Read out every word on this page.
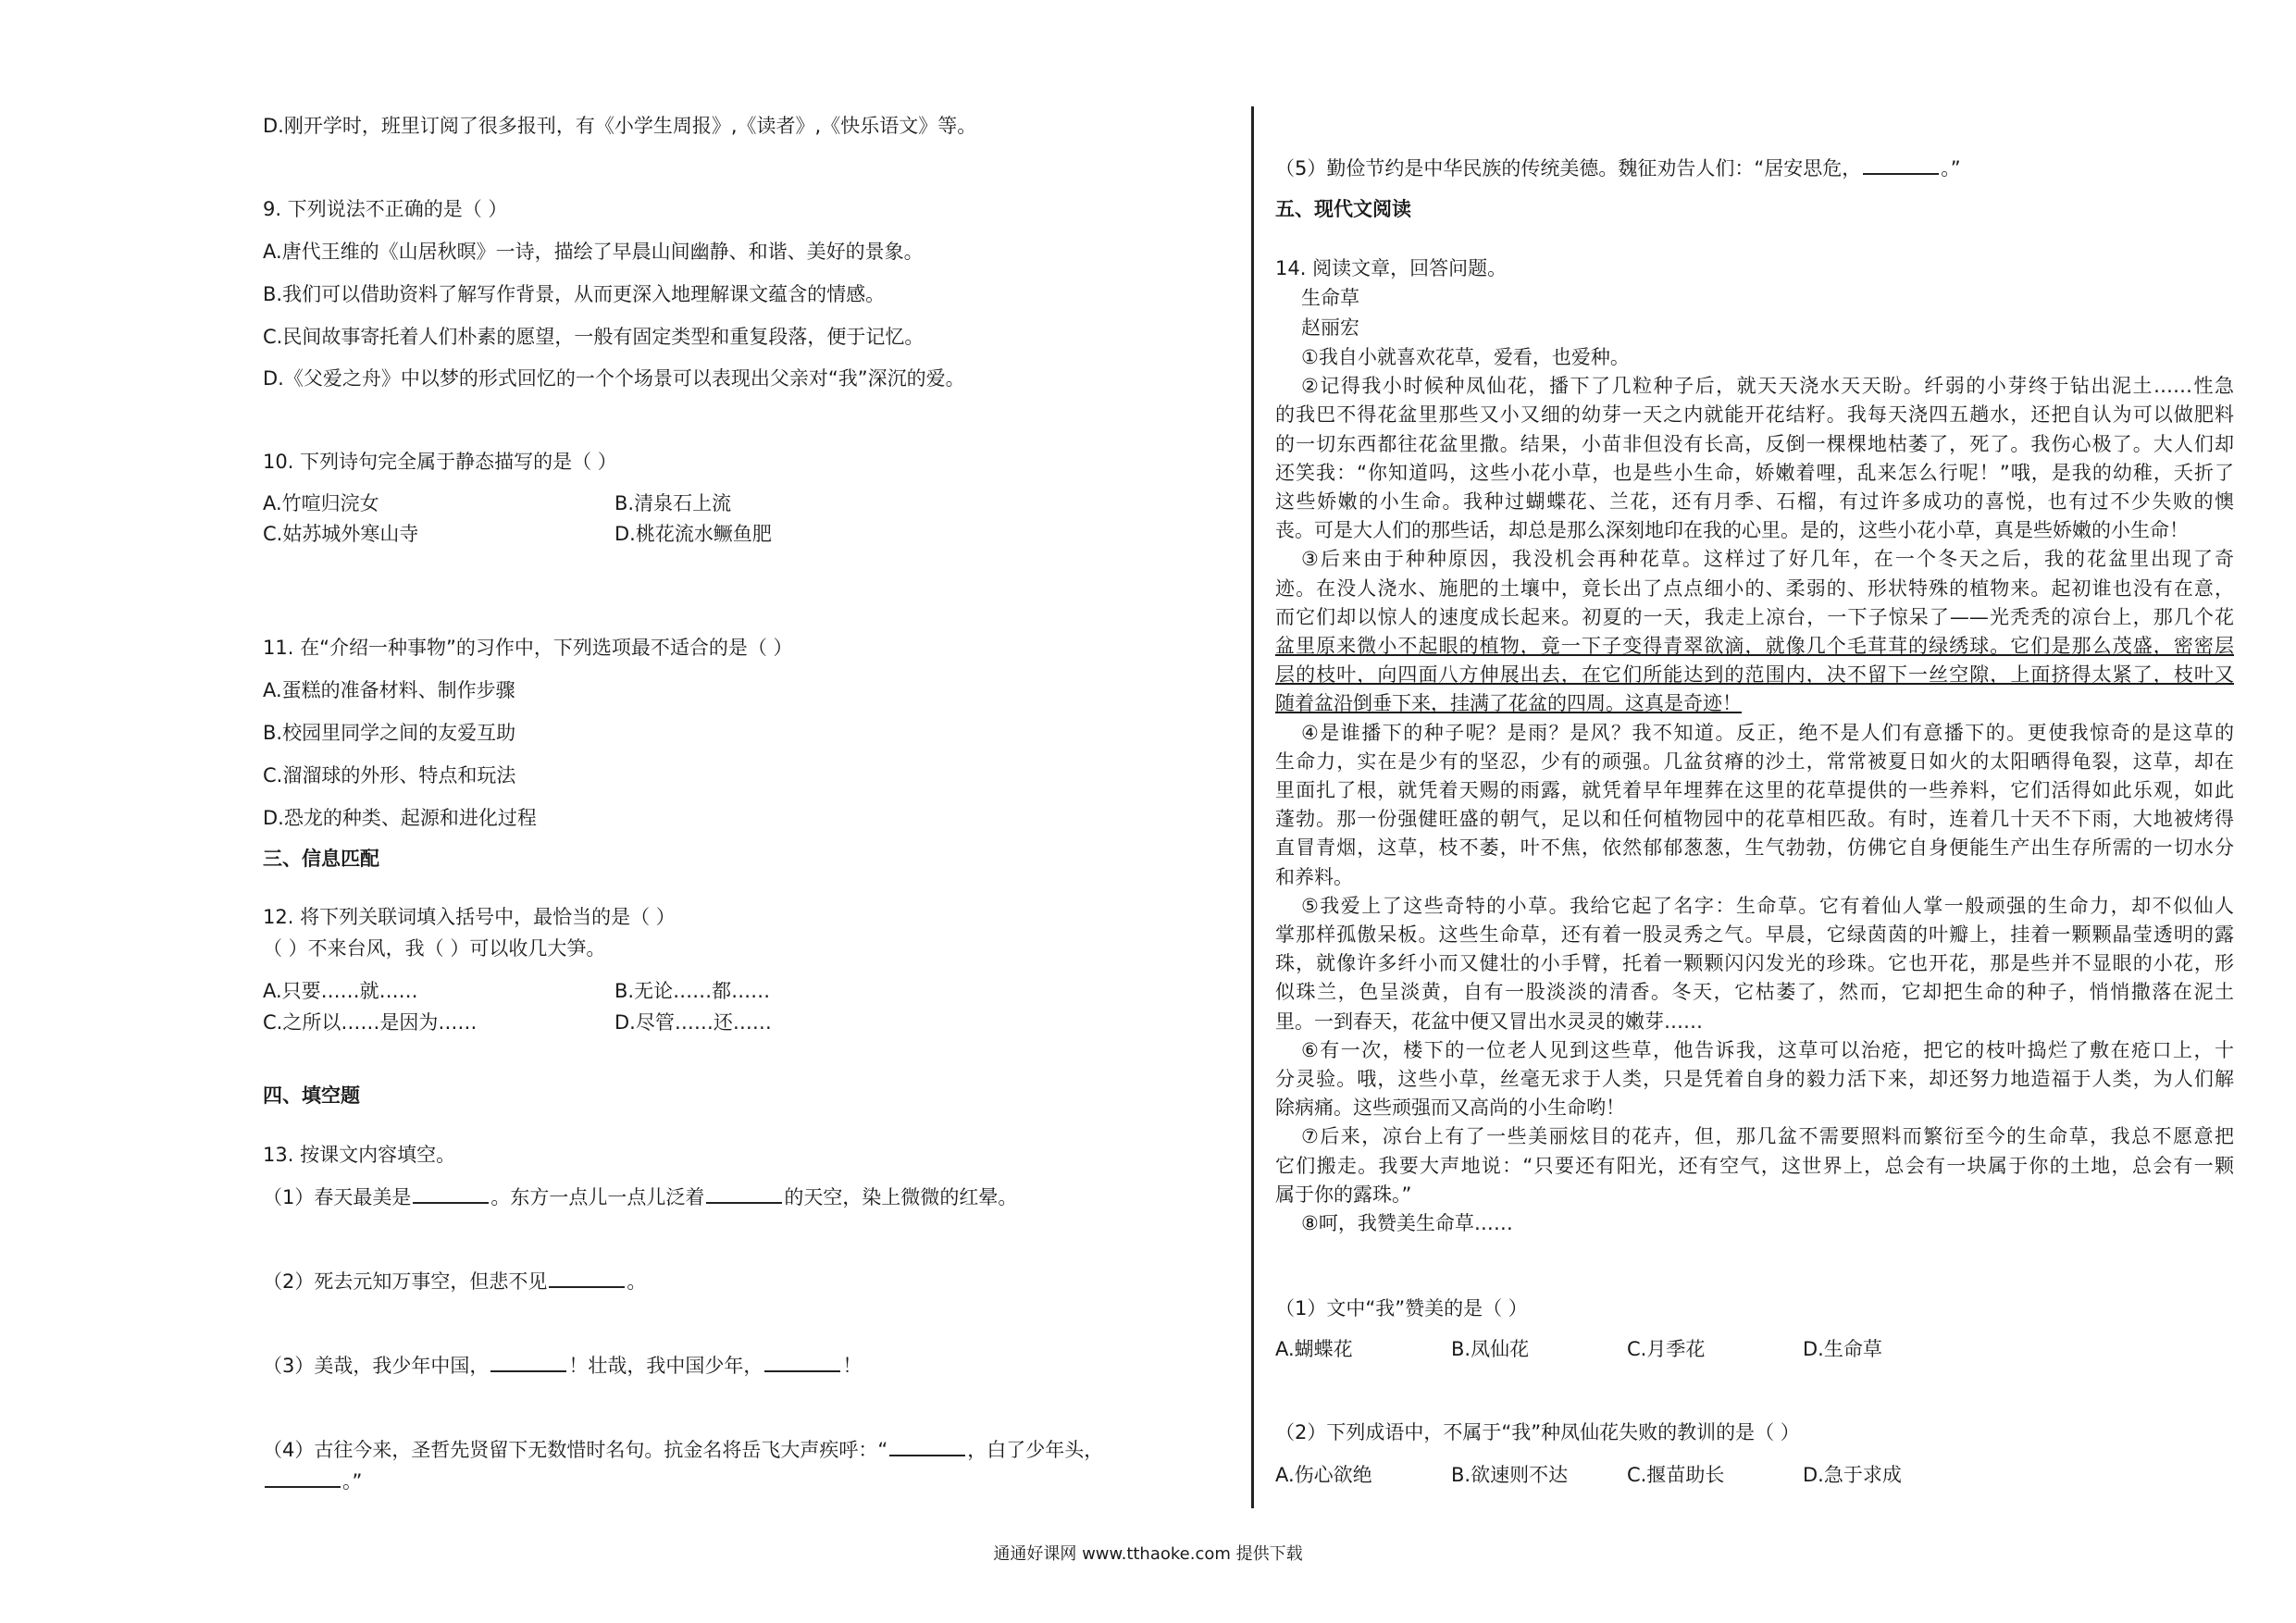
D.刚开学时，班里订阅了很多报刊，有《小学生周报》,《读者》,《快乐语文》等。
9. 下列说法不正确的是（ ）
A.唐代王维的《山居秋暝》一诗，描绘了早晨山间幽静、和谐、美好的景象。
B.我们可以借助资料了解写作背景，从而更深入地理解课文蕴含的情感。
C.民间故事寄托着人们朴素的愿望，一般有固定类型和重复段落，便于记忆。
D.《父爱之舟》中以梦的形式回忆的一个个场景可以表现出父亲对“我”深沉的爱。
10. 下列诗句完全属于静态描写的是（ ）
A.竹喧归浣女	B.清泉石上流
C.姑苏城外寒山寺	D.桃花流水鳜鱼肥
11. 在“介绍一种事物”的习作中，下列选项最不适合的是（ ）
A.蛋糕的准备材料、制作步骤
B.校园里同学之间的友爱互助
C.溜溜球的外形、特点和玩法
D.恐龙的种类、起源和进化过程
三、信息匹配
12. 将下列关联词填入括号中，最恰当的是（ ）
（ ）不来台风，我（ ）可以收几大笋。
A.只要……就……	B.无论……都……
C.之所以……是因为……	D.尽管……还……
四、填空题
13. 按课文内容填空。
（1）春天最美是	。东方一点儿一点儿泛着	的天空，染上微微的红晕。
（2）死去元知万事空，但悲不见	。
（3）美哉，我少年中国，	！壮哉，我中国少年，	！
（4）古往今来，圣哲先贤留下无数惜时名句。抗金名将岳飞大声疾呼：“	，白了少年头，
。”
（5）勤俭节约是中华民族的传统美德。魏征劝告人们：“居安思危，	。”
五、现代文阅读
14. 阅读文章，回答问题。
生命草
赵丽宏
①我自小就喜欢花草，爱看，也爱种。
②记得我小时候种凤仙花，播下了几粒种子后，就天天浇水天天盼。纤弱的小芽终于钻出泥土……性急
的我巴不得花盆里那些又小又细的幼芽一天之内就能开花结籽。我每天浇四五趟水，还把自认为可以做肥料
的一切东西都往花盆里撒。结果，小苗非但没有长高，反倒一棵棵地枯萎了，死了。我伤心极了。大人们却
还笑我：“你知道吗，这些小花小草，也是些小生命，娇嫩着哩，乱来怎么行呢！”哦，是我的幼稚，夭折了
这些娇嫩的小生命。我种过蝴蝶花、兰花，还有月季、石榴，有过许多成功的喜悦，也有过不少失败的懊
丧。可是大人们的那些话，却总是那么深刻地印在我的心里。是的，这些小花小草，真是些娇嫩的小生命！
③后来由于种种原因，我没机会再种花草。这样过了好几年，在一个冬天之后，我的花盆里出现了奇
迹。在没人浇水、施肥的土壤中，竟长出了点点细小的、柔弱的、形状特殊的植物来。起初谁也没有在意，
而它们却以惊人的速度成长起来。初夏的一天，我走上凉台，一下子惊呆了——光秃秃的凉台上，那几个花
盆里原来微小不起眼的植物，竟一下子变得青翠欲滴，就像几个毛茸茸的绿绣球。它们是那么茂盛，密密层
层的枝叶，向四面八方伸展出去，在它们所能达到的范围内，决不留下一丝空隙，上面挤得太紧了，枝叶又
随着盆沿倒垂下来，挂满了花盆的四周。这真是奇迹！
④是谁播下的种子呢？是雨？是风？我不知道。反正，绝不是人们有意播下的。更使我惊奇的是这草的
生命力，实在是少有的坚忍，少有的顽强。几盆贫瘠的沙土，常常被夏日如火的太阳晒得龟裂，这草，却在
里面扎了根，就凭着天赐的雨露，就凭着早年埋葬在这里的花草提供的一些养料，它们活得如此乐观，如此
蓬勃。那一份强健旺盛的朝气，足以和任何植物园中的花草相匹敌。有时，连着几十天不下雨，大地被烤得
直冒青烟，这草，枝不萎，叶不焦，依然郁郁葱葱，生气勃勃，仿佛它自身便能生产出生存所需的一切水分
和养料。
⑤我爱上了这些奇特的小草。我给它起了名字：生命草。它有着仙人掌一般顽强的生命力，却不似仙人
掌那样孤傲呆板。这些生命草，还有着一股灵秀之气。早晨，它绿茵茵的叶瓣上，挂着一颗颗晶莹透明的露
珠，就像许多纤小而又健壮的小手臂，托着一颗颗闪闪发光的珍珠。它也开花，那是些并不显眼的小花，形
似珠兰，色呈淡黄，自有一股淡淡的清香。冬天，它枯萎了，然而，它却把生命的种子，悄悄撒落在泥土
里。一到春天，花盆中便又冒出水灵灵的嫩芽……
⑥有一次，楼下的一位老人见到这些草，他告诉我，这草可以治疮，把它的枝叶捣烂了敷在疮口上，十
分灵验。哦，这些小草，丝毫无求于人类，只是凭着自身的毅力活下来，却还努力地造福于人类，为人们解
除病痛。这些顽强而又高尚的小生命哟！
⑦后来，凉台上有了一些美丽炫目的花卉，但，那几盆不需要照料而繁衍至今的生命草，我总不愿意把
它们搬走。我要大声地说：“只要还有阳光，还有空气，这世界上，总会有一块属于你的土地，总会有一颗
属于你的露珠。”
⑧呵，我赞美生命草……
（1）文中“我”赞美的是（ ）
A.蝴蝶花	B.凤仙花	C.月季花	D.生命草
（2）下列成语中，不属于“我”种凤仙花失败的教训的是（ ）
A.伤心欲绝	B.欲速则不达	C.揠苗助长	D.急于求成
通通好课网 www.tthaoke.com 提供下载
